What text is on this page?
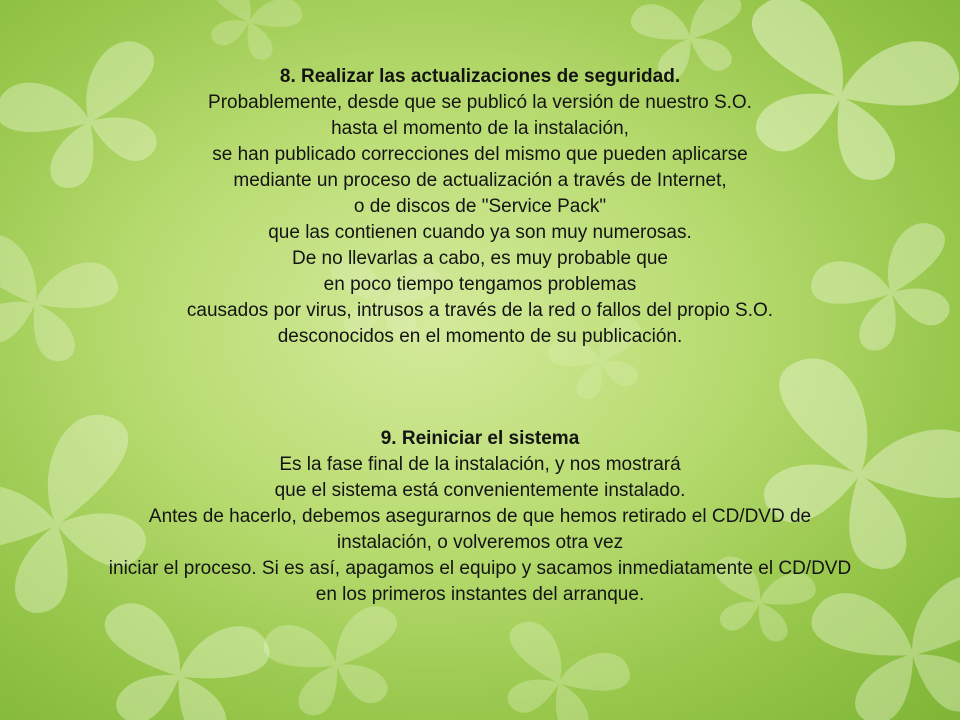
8. Realizar las actualizaciones de seguridad.
Probablemente, desde que se publicó la versión de nuestro S.O.
hasta el momento de la instalación,
se han publicado correcciones del mismo que pueden aplicarse
mediante un proceso de actualización a través de Internet,
o de discos de "Service Pack"
que las contienen cuando ya son muy numerosas.
De no llevarlas a cabo, es muy probable que
en poco tiempo tengamos problemas
causados por virus, intrusos a través de la red o fallos del propio S.O.
desconocidos en el momento de su publicación.
9. Reiniciar el sistema
Es la fase final de la instalación, y nos mostrará
que el sistema está convenientemente instalado.
Antes de hacerlo, debemos asegurarnos de que hemos retirado el CD/DVD de
instalación, o volveremos otra vez
iniciar el proceso. Si es así, apagamos el equipo y sacamos inmediatamente el CD/DVD
en los primeros instantes del arranque.
